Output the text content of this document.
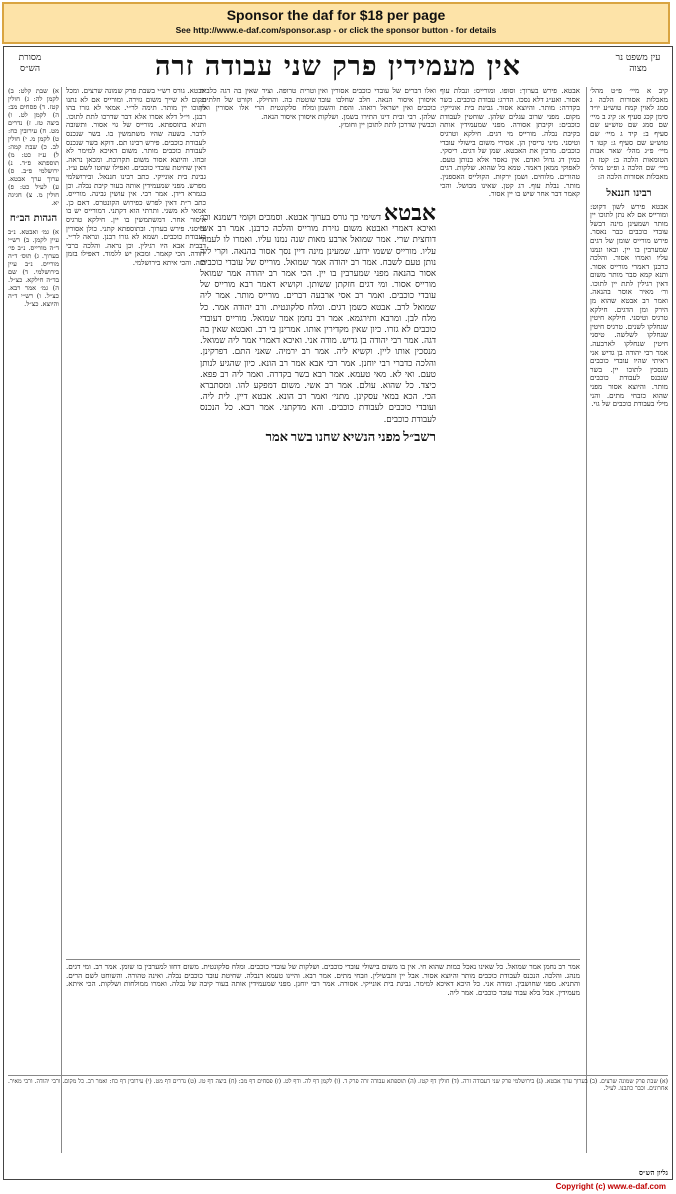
Sponsor the daf for $18 per page
See http://www.e-daf.com/sponsor.asp - or click the sponsor button - for details
עין משפט נר מצוה
אין מעמידין פרק שני עבודה זרה
מסורת הש״ס

קיב א מיי׳ פ״ט מהל׳ מאכלות אסורות הלכה ג סמג לאוין קמח טוש״ע יו״ד סימן קכג סעיף א: קיג ב מיי׳ שם סמג שם טוש״ע שם סעיף ב: קיד ג מיי׳ שם טוש״ע שם סעיף ג: קטו ד מיי׳ פ״ג מהל׳ שאר אבות הטומאות הלכה ב: קטז ה מיי׳ שם הלכה ג ופ״ט מהל׳ מאכלות אסורות הלכה ה:

רבינו חננאל

אבטא פירש לשון דקוט: ומורייס אם לא נתן לתוכו יין מותר ושמעינן מינה דבשל עובדי כוכבים כבר נאסר. פירש מורייס שומן של דגים שמערבין בו יין. ובאו ונמנו עליו ואמרו אסור. והלכה כרבנן דאמרי מורייס אסור. ותנא קמא סבר מותר משום דאין רגילין לתת יין לתוכו. ור׳ מאיר אוסר בהנאה. ואמר רב אבטא שהוא מן הירק ומן הדגים. חילקא טרגיס וטיסני. חילקא חיטין שנחלקו לשנים. טרגיס חיטין שנחלקו לשלשה. טיסני חיטין שנחלקו לארבעה. אמר רבי יהודה בן גדיש אני ראיתי שהיו עובדי כוכבים מנסכין לתוכו יין. בשר שנכנס לעבודת כוכבים מותר. והיוצא אסור מפני שהוא כזבחי מתים. והני מילי בעבודת כוכבים של גוי.

אבטא. פירש בערוך: וסופו. ומורייס: ונבלת עוף אסור. ואע״ג דלא נסכו. הדרג: עבודת כוכבים. בשר בקדרה: מותר. והיוצא אסור. גבינת בית אונייקי: מקום. מפני שרוב עגלים שלהן. שוחטין לעבודת כוכבים: וקיבתן אסורה. מפני שמעמידין אותה בקיבת נבלה. מורייס מי דגים. חילקא וטרגיס וטיסני. מיני גריסין הן. אסירי משום בישולי עובדי כוכבים. מרבין את האבטא. שמן של דגים. ריסקי. כמין דג גדול ואדם. אין נאסר אלא בנותן טעם. לאפוקי ממאן דאמר. טמא כל שהוא. שלקות. דגים טהורים. מלוחים. ושמן ירקות. הקולייס האספנין. מותר. נבלת עוף. דג קטן. שאינו מבושל. והכי קאמר דבר אחר שיש בו יין אסור.

ואלו דברים של עובדי כוכבים אסורין ואין איסורן איסור הנאה. חלב שחלבו עובד כוכבים ואין ישראל רואהו. והפת והשמן שלהן. רבי ובית דינו התירו בשמן. ושלקות וכבשין שדרכן לתת לתוכן יין וחומץ.

וטרית טרופה. וציר שאין בה דגה כלבית שוטטת בה. והחילק. וקורט של חלתית. ומלח סלקונטית הרי אלו אסורין ואין איסורן איסור הנאה.

אבטא דשימי כך גורס בערוך אבטא. וסמכים וקומי דשמנא וכו׳ ואיכא דאמרי ואבטא משום גזירת מורייס והלכה כרבנן. אמר רב אשי דוחצית שרי. אמר שמואל ארבע מאות שנה נמנו עליו. ואמרו לו לעמוד עליו. מורייס ששמו ידוע. שמעינן מינה דיין נסך אסור בהנאה. וקרי ליה נותן טעם לשבח. אמר רב יהודה אמר שמואל. מורייס של עובדי כוכבים אסור בהנאה מפני שמערבין בו יין. הכי אמר רב יהודה אמר שמואל מורייס אסור. ומי דגים חזקתן ששותן. וקושיא דאמר רבא מורייס של עובדי כוכבים. ואמר רב אסי ארבעה דברים. מורייס מותר. אמר ליה שמואל לרב. אבטא כשמן דגים. ומלח סלקונטית. ורב יהודה אמר. כל מלח לבן. ומרבא ותירגמא. אמר רב נחמן אמר שמואל. מורייס דעובדי כוכבים לא גזרו. כיון שאין מקדירין אותו. אמרינן בי רב. ואבטא שאין בה דגה. אמר רבי יהודה בן גדיש. מודה אני. ואיכא דאמרי אמר ליה שמואל. מנסכין אותו ליין. וקשיא ליה. אמר רב ירמיה. שאני התם. דפרקינן. והלכה כדברי רבי יוחנן. אמר רבי אבא אמר רב הונא. כיון שהגיע לנותן טעם. ואי לא. מאי טעמא. אמר רבא בשר בקדרה. ואמר ליה רב פפא. כיצד. כל שהוא. עולם. אמר רב אשי. משום דמפקע להו. ומסתברא הכי. הכא במאי עסקינן. מתני׳ ואמר רב הונא. אבטא דיין. לית ליה. ועובדי כוכבים לעבודת כוכבים. והא מדקתני. אמר רבא. כל הנכנס לעבודת כוכבים.

רשב״ל מפני הנשיא שחנו בשר אמר

אבטא. גורס רש״י בשבת פרק שמונה שרצים. ומכל מקום לא שייך משום גזירה. ומורייס אם לא נתנו לתוכו יין מותר. תימה לר״י. אמאי לא גזרו בהו רבנן. וי״ל דלא אסרו אלא דבר שדרכו לתת לתוכו. ותניא בתוספתא. מורייס של גוי אסור. ותשובה לדבר. בשעה שהיו משתמשין בו. בשר שנכנס לעבודת כוכבים. פירש רבינו תם. דוקא בשר שנכנס לעבודת כוכבים מותר. משום דאיכא למימר לא זבחו. והיוצא אסור משום תקרובת. ומכאן נראה. דאין שחיטת עובדי כוכבים. ואפילו שחטו לשם ע״ז. גבינת בית אונייקי. כתב רבינו חננאל. ובירושלמי מפרש. מפני שמעמידין אותה בעור קיבת נבלה. וכן בגמרא דידן. אמר רבי. אין עושין גבינה. מורייס. כתב ר״ת דאין לפרש כפירוש הקונטרס. דאם כן. אמאי לא משני. ותרתי הוא דקתני. דמורייס יש בו איסור אחר. דמשתמשין בו יין. חילקא טרגיס וטיסני. פירש בערוך. ובתוספתא קתני. כולן אסורין בעבודת כוכבים. ושמא לא גזרו רבנן. ונראה לר״י. דבבית אבא היו רגילין. וכן נראה. והלכה כרבי יהודה. הכי קאמר. ומכאן יש ללמוד. דאפילו בזמן הזה. והכי איתא בירושלמי.

א) שבת קלט: ב) לקמן לה: ג) חולין קטז. ד) פסחים מב: ה) לקמן לט. ו) ביצה טז. ז) נדרים מט. ח) עירובין כח: ט) לקמן מ. י) חולין לב. כ) שבת קמה: ל) ע״ז כט: מ) תוספתא פ״ד. נ) ירושלמי פ״ב. ס) ערוך ערך אבטא. ע) לעיל כט: פ) חולין מ. צ) חגיגה יא.

הגהות הב״ח

א) גמ׳ ואבטא. נ״ב עיין לקמן. ב) רש״י ד״ה מורייס. נ״ב פי׳ בערוך. ג) תוס׳ ד״ה מורייס. נ״ב עיין בירושלמי. ד) שם בד״ה חילקא. כצ״ל. ה) גמ׳ אמר רבא. כצ״ל. ו) רש״י ד״ה והיוצא. כצ״ל.

אמר רב נחמן אמר שמואל. כל שאינו נאכל כמות שהוא חי. אין בו משום בישולי עובדי כוכבים. ושלקות של עובדי כוכבים. ומלח סלקונטית. משום דחזו למערבין בו שומן. אמר רב. ומי דגים. מנהג. והלכה. הנכנס לעבודת כוכבים מותר והיוצא אסור. אבל יין ותבשילין. וזבחי מתים. אמר רבא. והיינו טעמא דנבלה. שחיטת עובד כוכבים נבלה. ואינה טהורה. והשוחט לשם הרים. והתניא. מפני שחושבין. ומודה אני. כל היכא דאיכא למימר. גבינת בית אונייקי. אסורה. אמר רבי יוחנן. מפני שמעמידין אותה בעור קיבה של נבלה. ואמרו ממולחות ושלקות. הכי איתא. מעמידין. אבל בלא עבוד עובד כוכבים. אמר ליה.

(א) שבת פרק שמונה שרצים. (ב) בערוך ערך אבטא. (ג) בירושלמי פרק שני דעבודה זרה. (ד) חולין דף קטז. (ה) תוספתא עבודה זרה פרק ד. (ו) לקמן דף לה. ודף לט. (ז) פסחים דף מב: (ח) ביצה דף טז. (ט) נדרים דף מט. (י) עירובין דף כח: ואמר רב. כל מקום. ורבי יהודה. ורבי מאיר. אחרונים. וכבר כתבנו. לעיל.

גליון הש״ס
Copyright (c) www.e-daf.com
